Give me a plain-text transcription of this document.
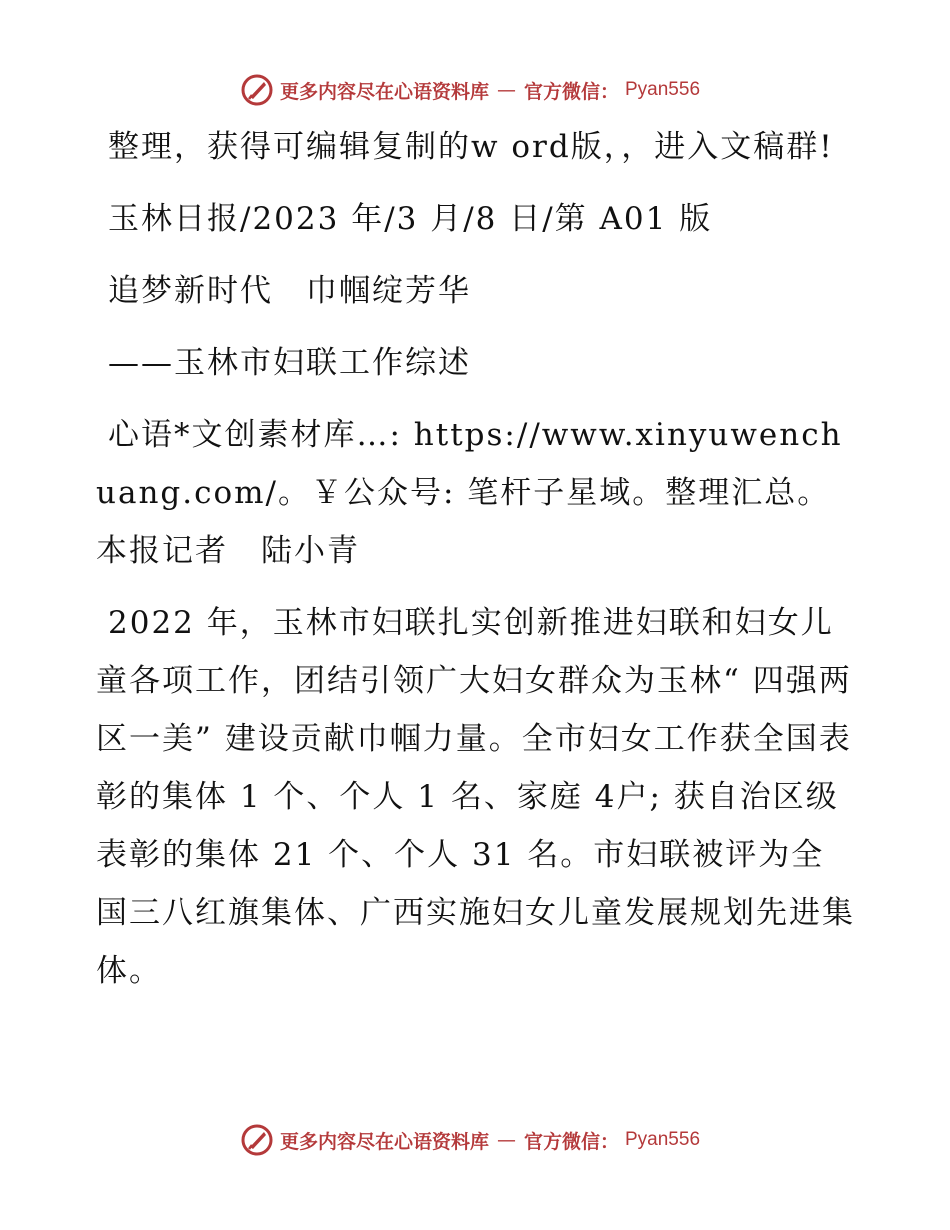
更多内容尽在心语资料库 — 官方微信： Pyan556

整理，获得可编辑复制的w ord版，，进入文稿群!

玉林日报/2023 年/3 月/8 日/第 A01 版

追梦新时代　巾帼绽芳华

——玉林市妇联工作综述

心语*文创素材库…: https://www.xinyuwenchuang.com/。￥公众号: 笔杆子星域。整理汇总。本报记者　陆小青

2022 年，玉林市妇联扎实创新推进妇联和妇女儿童各项工作，团结引领广大妇女群众为玉林“ 四强两区一美” 建设贡献巾帼力量。全市妇女工作获全国表彰的集体 1 个、个人 1 名、家庭 4户; 获自治区级表彰的集体 21 个、个人 31 名。市妇联被评为全国三八红旗集体、广西实施妇女儿童发展规划先进集体。

更多内容尽在心语资料库 — 官方微信： Pyan556
